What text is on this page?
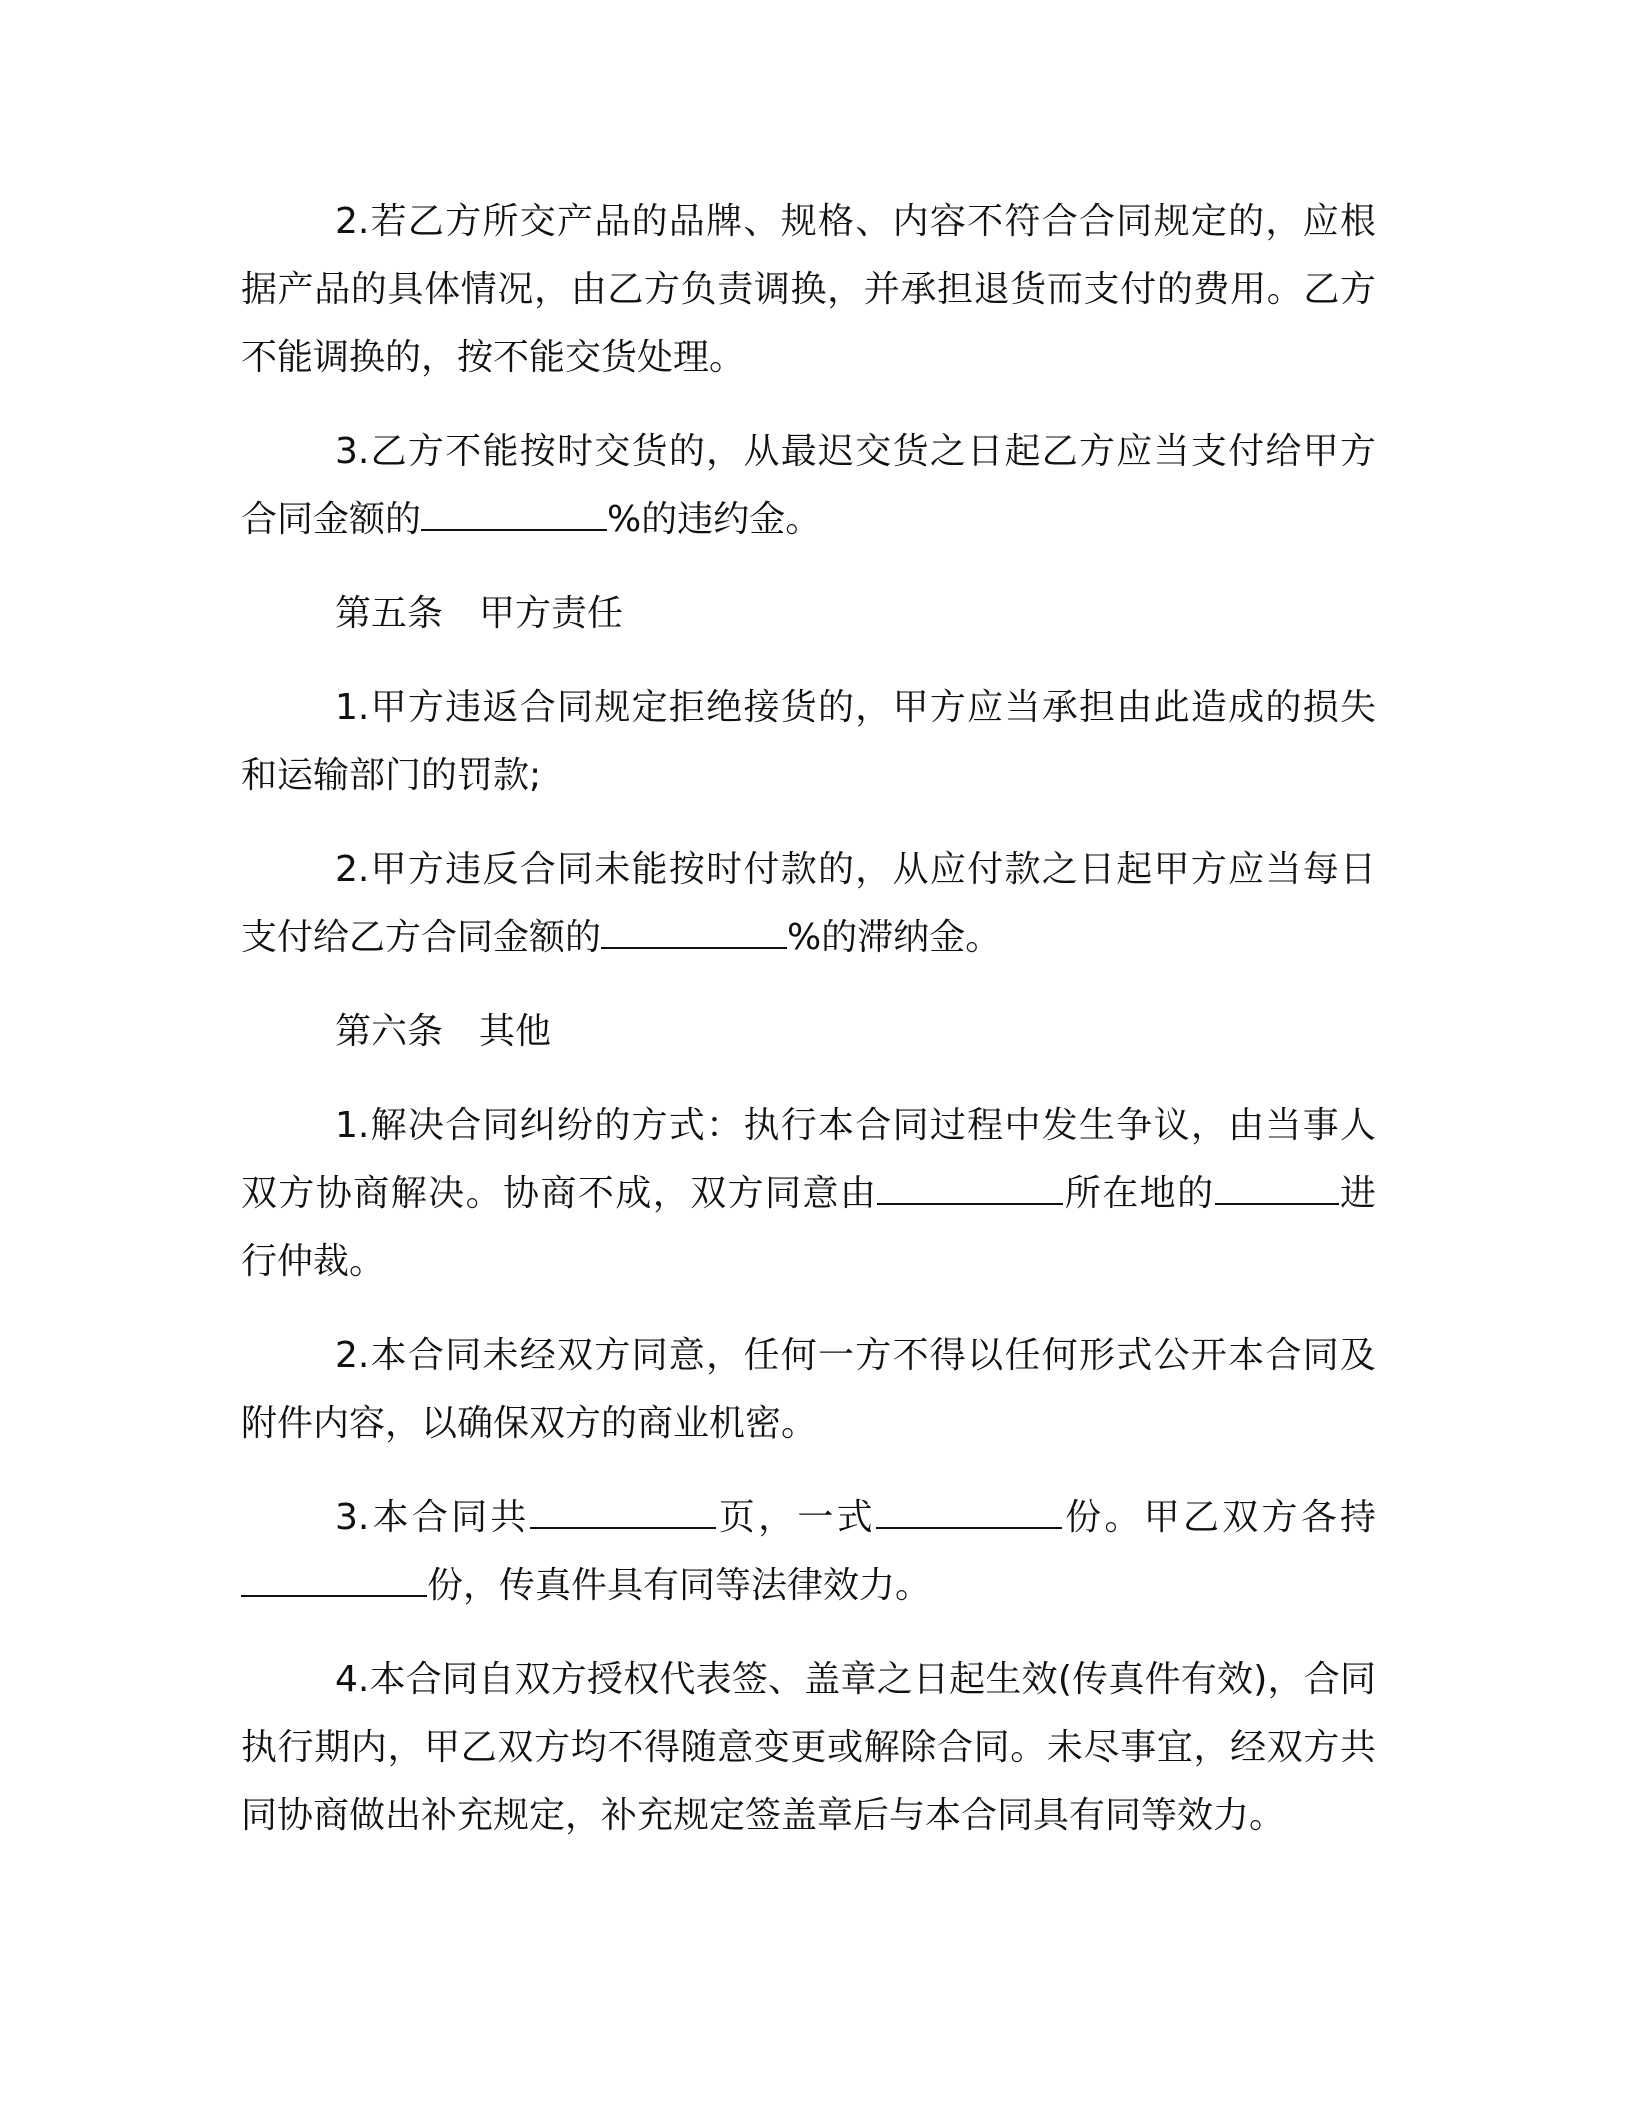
2.若乙方所交产品的品牌、规格、内容不符合合同规定的，应根据产品的具体情况，由乙方负责调换，并承担退货而支付的费用。乙方不能调换的，按不能交货处理。

3.乙方不能按时交货的，从最迟交货之日起乙方应当支付给甲方合同金额的	%的违约金。

第五条　甲方责任

1.甲方违返合同规定拒绝接货的，甲方应当承担由此造成的损失和运输部门的罚款;

2.甲方违反合同未能按时付款的，从应付款之日起甲方应当每日支付给乙方合同金额的	%的滞纳金。

第六条　其他

1.解决合同纠纷的方式：执行本合同过程中发生争议，由当事人双方协商解决。协商不成，双方同意由	所在地的	进行仲裁。

2.本合同未经双方同意，任何一方不得以任何形式公开本合同及附件内容，以确保双方的商业机密。

3.本合同共	页，一式	份。甲乙双方各持份，传真件具有同等法律效力。

4.本合同自双方授权代表签、盖章之日起生效(传真件有效)，合同执行期内，甲乙双方均不得随意变更或解除合同。未尽事宜，经双方共同协商做出补充规定，补充规定签盖章后与本合同具有同等效力。
